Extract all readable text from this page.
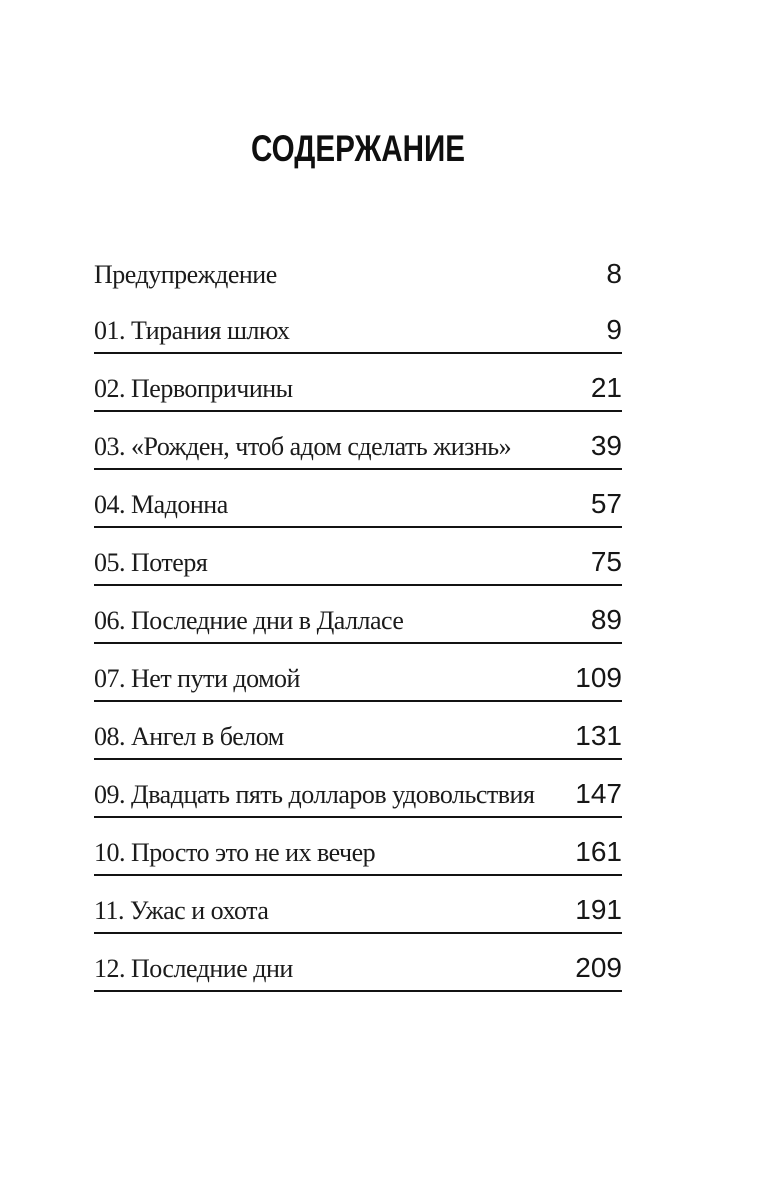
СОДЕРЖАНИЕ
Предупреждение	8
01. Тирания шлюх	9
02. Первопричины	21
03. «Рожден, чтоб адом сделать жизнь»	39
04. Мадонна	57
05. Потеря	75
06. Последние дни в Далласе	89
07. Нет пути домой	109
08. Ангел в белом	131
09. Двадцать пять долларов удовольствия 147
10. Просто это не их вечер	161
11. Ужас и охота	191
12. Последние дни	209
